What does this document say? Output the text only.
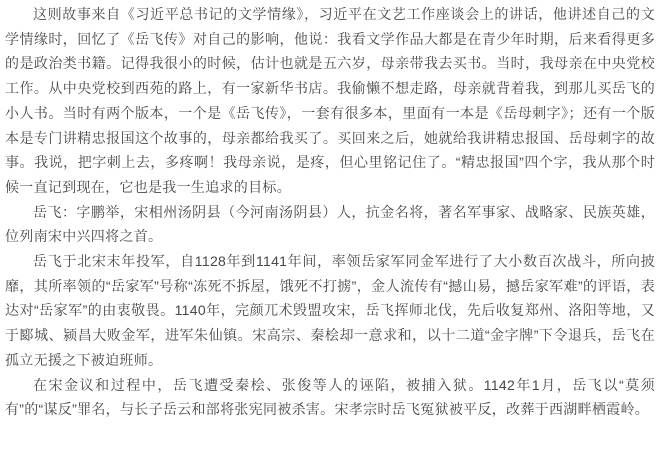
这则故事来自《习近平总书记的文学情缘》，习近平在文艺工作座谈会上的讲话，他讲述自己的文学情缘时，回忆了《岳飞传》对自己的影响，他说：我看文学作品大都是在青少年时期，后来看得更多的是政治类书籍。记得我很小的时候，估计也就是五六岁，母亲带我去买书。当时，我母亲在中央党校工作。从中央党校到西苑的路上，有一家新华书店。我偷懒不想走路，母亲就背着我，到那儿买岳飞的小人书。当时有两个版本，一个是《岳飞传》，一套有很多本，里面有一本是《岳母刺字》；还有一个版本是专门讲精忠报国这个故事的，母亲都给我买了。买回来之后，她就给我讲精忠报国、岳母刺字的故事。我说，把字刺上去，多疼啊！我母亲说，是疼，但心里铭记住了。“精忠报国”四个字，我从那个时候一直记到现在，它也是我一生追求的目标。

岳飞：字鹏举，宋相州汤阴县（今河南汤阴县）人，抗金名将，著名军事家、战略家、民族英雄，位列南宋中兴四将之首。

岳飞于北宋末年投军，自1128年到1141年间，率领岳家军同金军进行了大小数百次战斗，所向披靡，其所率领的“岳家军”号称“冻死不拆屋，饿死不打掳”，金人流传有“撼山易，撼岳家军难”的评语，表达对“岳家军”的由衷敬畏。1140年，完颜兀术毁盟攻宋，岳飞挥师北伐，先后收复郑州、洛阳等地，又于郾城、颍昌大败金军，进军朱仙镇。宋高宗、秦桧却一意求和，以十二道“金字牌”下令退兵，岳飞在孤立无援之下被迫班师。

在宋金议和过程中，岳飞遭受秦桧、张俊等人的诬陷，被捕入狱。1142年1月，岳飞以“莫须有”的“谋反”罪名，与长子岳云和部将张宪同被杀害。宋孝宗时岳飞冤狱被平反，改葬于西湖畔栖霞岭。
